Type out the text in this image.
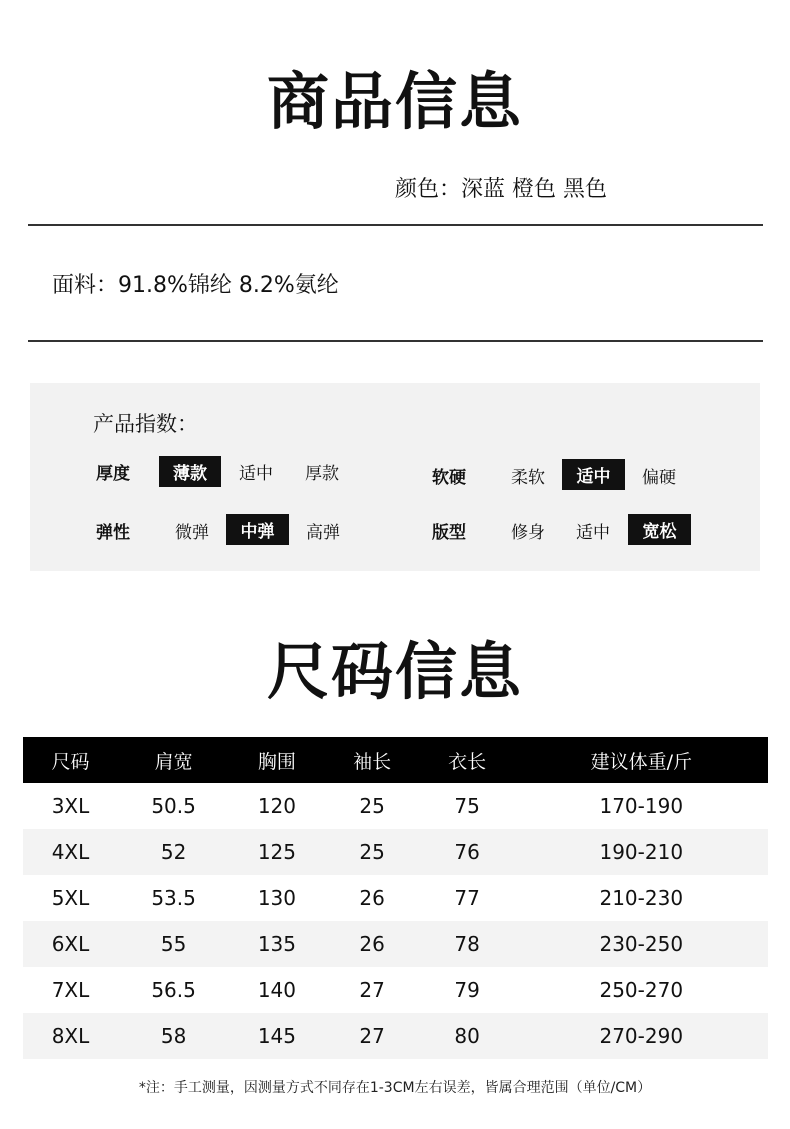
商品信息
颜色：深蓝 橙色 黑色
面料：91.8%锦纶 8.2%氨纶
产品指数：
厚度	薄款	适中 厚款	软硬	柔软	适中	偏硬
弹性	微弹	中弹	高弹	版型	修身 适中	宽松
尺码信息
尺码	肩宽	胸围	袖长	衣长	建议体重/斤
3XL	50.5	120	25	75	170-190
4XL	52	125	25	76	190-210
5XL	53.5	130	26	77	210-230
6XL	55	135	26	78	230-250
7XL	56.5	140	27	79	250-270
8XL	58	145	27	80	270-290
*注：手工测量，因测量方式不同存在1-3CM左右误差，皆属合理范围（单位/CM）
